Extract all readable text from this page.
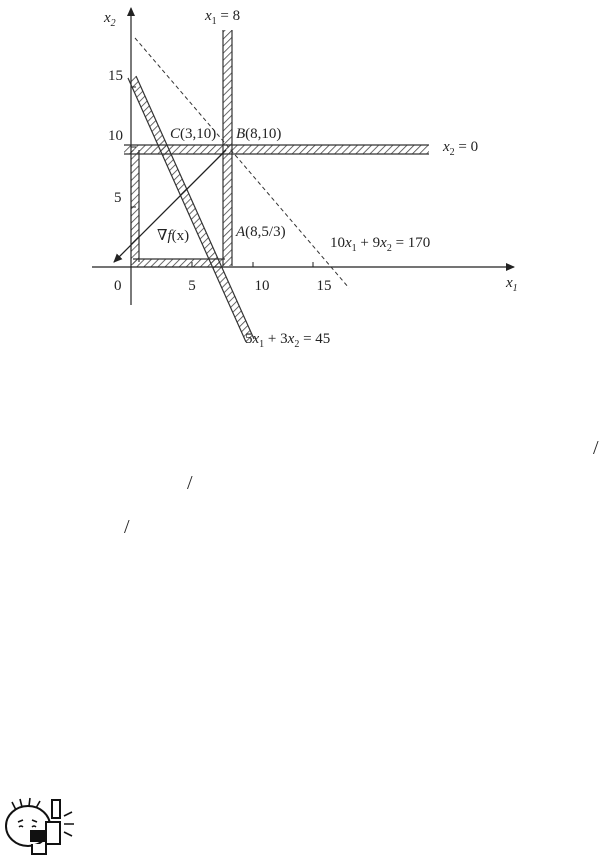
$x_2$
$x_1$
0	5	10	15
15
10
5
$x_1 = 8$
$x_2 = 0$
$10x_1 + 9x_2 = 170$
$5x_1 + 3x_2 = 45$
C(3,10) B(8,10)
A(8,5/3)
∇f(x)
/
/
/
